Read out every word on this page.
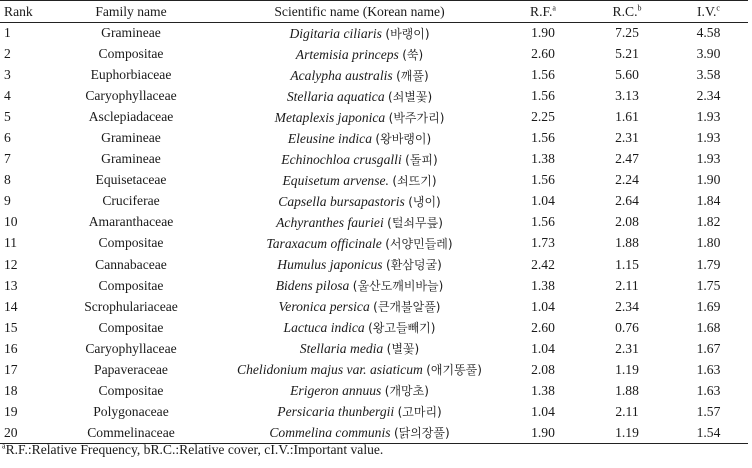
Rank	Family name	Scientific name (Korean name)	R.F.$^a$	R.C.$^b$	I.V.$^c$
1	Gramineae	Digitaria ciliaris (바랭이)	1.90	7.25	4.58
2	Compositae	Artemisia princeps (쑥)	2.60	5.21	3.90
3	Euphorbiaceae	Acalypha australis (깨풀)	1.56	5.60	3.58
4	Caryophyllaceae	Stellaria aquatica (쇠별꽃)	1.56	3.13	2.34
5	Asclepiadaceae	Metaplexis japonica (박주가리)	2.25	1.61	1.93
6	Gramineae	Eleusine indica (왕바랭이)	1.56	2.31	1.93
7	Gramineae	Echinochloa crusgalli (돌피)	1.38	2.47	1.93
8	Equisetaceae	Equisetum arvense. (쇠뜨기)	1.56	2.24	1.90
9	Cruciferae	Capsella bursapastoris (냉이)	1.04	2.64	1.84
10	Amaranthaceae	Achyranthes fauriei (털쇠무릎)	1.56	2.08	1.82
11	Compositae	Taraxacum officinale (서양민들레)	1.73	1.88	1.80
12	Cannabaceae	Humulus japonicus (환삼덩굴)	2.42	1.15	1.79
13	Compositae	Bidens pilosa (울산도깨비바늘)	1.38	2.11	1.75
14	Scrophulariaceae	Veronica persica (큰개불알풀)	1.04	2.34	1.69
15	Compositae	Lactuca indica (왕고들빼기)	2.60	0.76	1.68
16	Caryophyllaceae	Stellaria media (별꽃)	1.04	2.31	1.67
17	Papaveraceae	Chelidonium majus var. asiaticum (애기똥풀)	2.08	1.19	1.63
18	Compositae	Erigeron annuus (개망초)	1.38	1.88	1.63
19	Polygonaceae	Persicaria thunbergii (고마리)	1.04	2.11	1.57
20	Commelinaceae	Commelina communis (닭의장풀)	1.90	1.19	1.54
$^a$R.F.:Relative Frequency, bR.C.:Relative cover, cI.V.:Important value.
